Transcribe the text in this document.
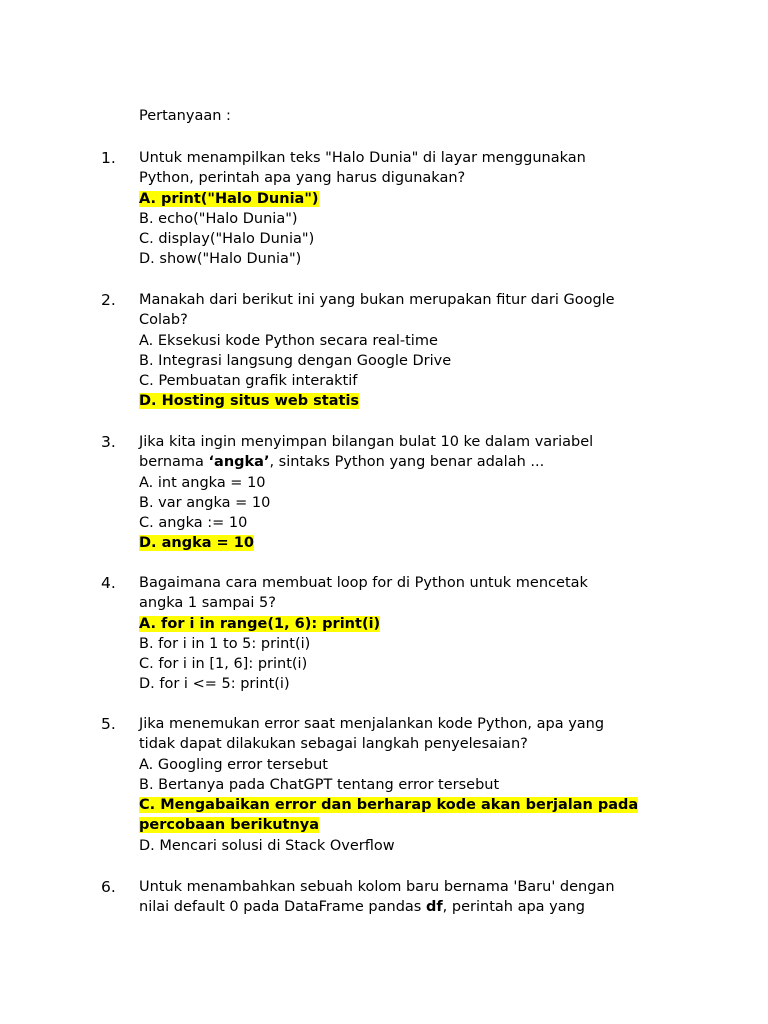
Pertanyaan :
1. Untuk menampilkan teks "Halo Dunia" di layar menggunakan
Python, perintah apa yang harus digunakan?
A. print("Halo Dunia")
B. echo("Halo Dunia")
C. display("Halo Dunia")
D. show("Halo Dunia")
2. Manakah dari berikut ini yang bukan merupakan fitur dari Google
Colab?
A. Eksekusi kode Python secara real-time
B. Integrasi langsung dengan Google Drive
C. Pembuatan grafik interaktif
D. Hosting situs web statis
3. Jika kita ingin menyimpan bilangan bulat 10 ke dalam variabel
bernama ‘angka’, sintaks Python yang benar adalah ...
A. int angka = 10
B. var angka = 10
C. angka := 10
D. angka = 10
4. Bagaimana cara membuat loop for di Python untuk mencetak
angka 1 sampai 5?
A. for i in range(1, 6): print(i)
B. for i in 1 to 5: print(i)
C. for i in [1, 6]: print(i)
D. for i <= 5: print(i)
5. Jika menemukan error saat menjalankan kode Python, apa yang
tidak dapat dilakukan sebagai langkah penyelesaian?
A. Googling error tersebut
B. Bertanya pada ChatGPT tentang error tersebut
C. Mengabaikan error dan berharap kode akan berjalan pada
percobaan berikutnya
D. Mencari solusi di Stack Overflow
6. Untuk menambahkan sebuah kolom baru bernama 'Baru' dengan
nilai default 0 pada DataFrame pandas df, perintah apa yang
